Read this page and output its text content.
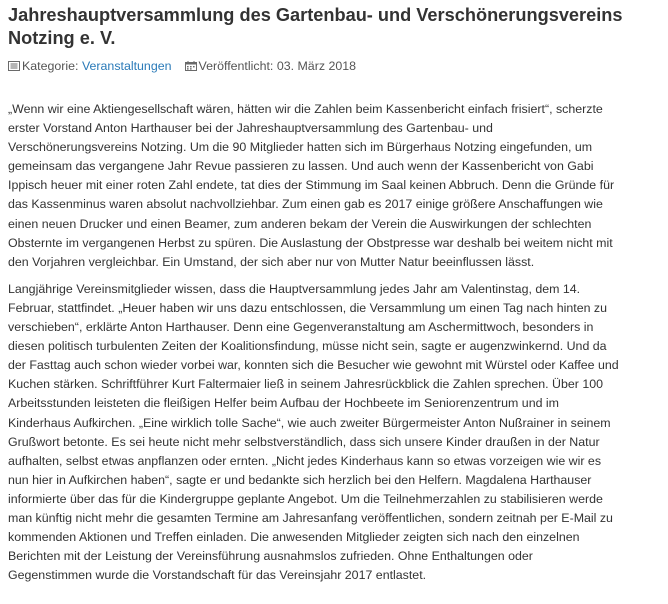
Jahreshauptversammlung des Gartenbau- und Verschönerungsvereins
Notzing e. V.
Kategorie:
Veranstaltungen Veröffentlicht:
03. März 2018

„Wenn wir eine Aktiengesellschaft wären, hätten wir die Zahlen beim Kassenbericht einfach frisiert“, scherzte
erster Vorstand Anton Harthauser bei der Jahreshauptversammlung des Gartenbau- und
Verschönerungsvereins Notzing. Um die 90 Mitglieder hatten sich im Bürgerhaus Notzing eingefunden, um
gemeinsam das vergangene Jahr Revue passieren zu lassen. Und auch wenn der Kassenbericht von Gabi
Ippisch heuer mit einer roten Zahl endete, tat dies der Stimmung im Saal keinen Abbruch. Denn die Gründe für
das Kassenminus waren absolut nachvollziehbar. Zum einen gab es 2017 einige größere Anschaffungen wie
einen neuen Drucker und einen Beamer, zum anderen bekam der Verein die Auswirkungen der schlechten
Obsternte im vergangenen Herbst zu spüren. Die Auslastung der Obstpresse war deshalb bei weitem nicht mit
den Vorjahren vergleichbar. Ein Umstand, der sich aber nur von Mutter Natur beeinflussen lässt.

Langjährige Vereinsmitglieder wissen, dass die Hauptversammlung jedes Jahr am Valentinstag, dem 14.
Februar, stattfindet. „Heuer haben wir uns dazu entschlossen, die Versammlung um einen Tag nach hinten zu
verschieben“, erklärte Anton Harthauser. Denn eine Gegenveranstaltung am Aschermittwoch, besonders in
diesen politisch turbulenten Zeiten der Koalitionsfindung, müsse nicht sein, sagte er augenzwinkernd. Und da
der Fasttag auch schon wieder vorbei war, konnten sich die Besucher wie gewohnt mit Würstel oder Kaffee und
Kuchen stärken. Schriftführer Kurt Faltermaier ließ in seinem Jahresrückblick die Zahlen sprechen. Über 100
Arbeitsstunden leisteten die fleißigen Helfer beim Aufbau der Hochbeete im Seniorenzentrum und im
Kinderhaus Aufkirchen. „Eine wirklich tolle Sache“, wie auch zweiter Bürgermeister Anton Nußrainer in seinem
Grußwort betonte. Es sei heute nicht mehr selbstverständlich, dass sich unsere Kinder draußen in der Natur
aufhalten, selbst etwas anpflanzen oder ernten. „Nicht jedes Kinderhaus kann so etwas vorzeigen wie wir es
nun hier in Aufkirchen haben“, sagte er und bedankte sich herzlich bei den Helfern. Magdalena Harthauser
informierte über das für die Kindergruppe geplante Angebot. Um die Teilnehmerzahlen zu stabilisieren werde
man künftig nicht mehr die gesamten Termine am Jahresanfang veröffentlichen, sondern zeitnah per E-Mail zu
kommenden Aktionen und Treffen einladen. Die anwesenden Mitglieder zeigten sich nach den einzelnen
Berichten mit der Leistung der Vereinsführung ausnahmslos zufrieden. Ohne Enthaltungen oder
Gegenstimmen wurde die Vorstandschaft für das Vereinsjahr 2017 entlastet.
